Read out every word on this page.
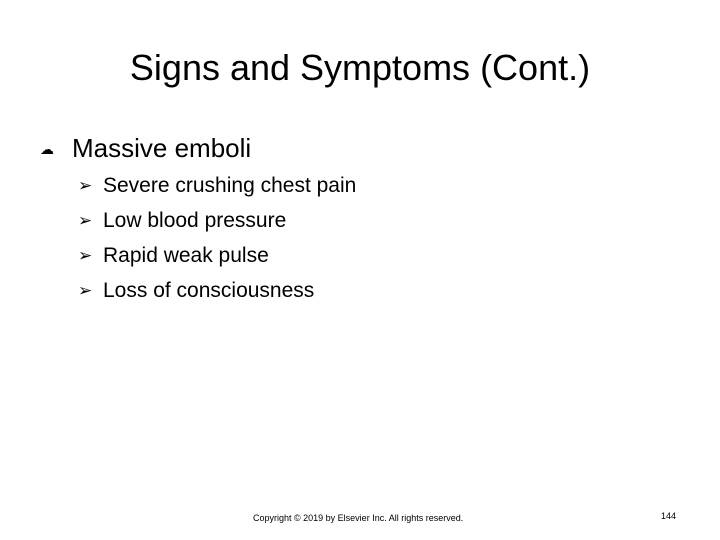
Signs and Symptoms (Cont.)
☁ Massive emboli
➢ Severe crushing chest pain
➢ Low blood pressure
➢ Rapid weak pulse
➢ Loss of consciousness
Copyright © 2019 by Elsevier Inc. All rights reserved.	144
